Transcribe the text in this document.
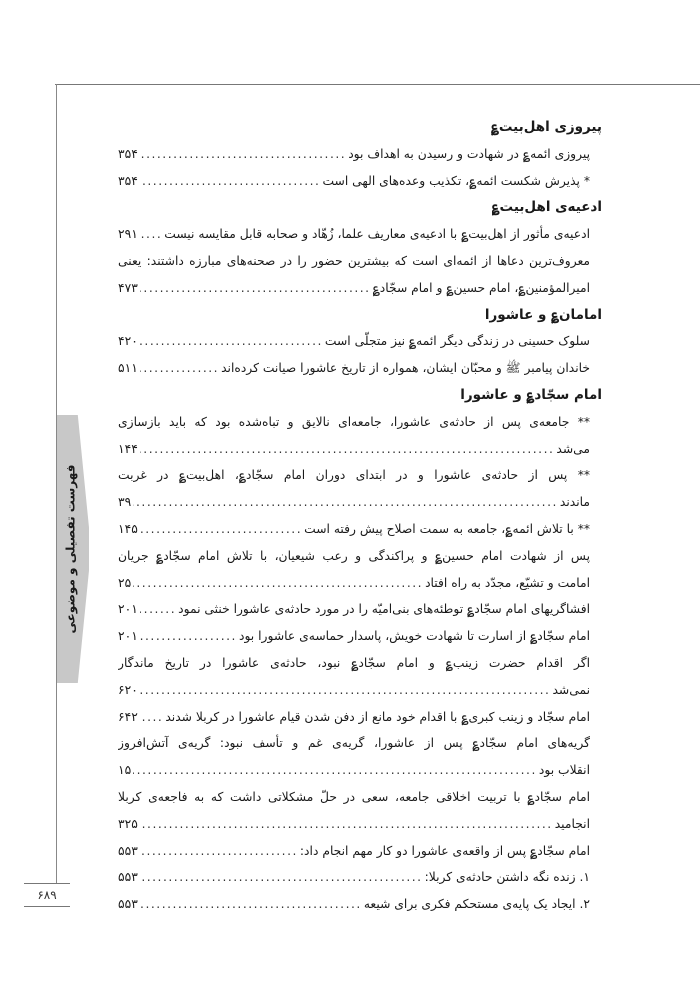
فهرست تفصیلی و موضوعی
۶۸۹
پیروزی اهل‌بیت؏
پیروزی ائمه؏ در شهادت و رسیدن به اهداف بود
.....
۳۵۴
* پذیرش شکست ائمه؏، تکذیب وعده‌های الهی است
.....
۳۵۴
ادعیه‌ی اهل‌بیت؏
ادعیه‌ی مأثور از اهل‌بیت؏ با ادعیه‌ی معاریف علما، زُهّاد و صحابه قابل مقایسه نیست
.....
۲۹۱
معروف‌ترین دعاها از ائمه‌ای است که بیشترین حضور را در صحنه‌های مبارزه داشتند: یعنی
امیرالمؤمنین؏، امام حسین؏ و امام سجّاد؏
.....
۴۷۳
امامان؏ و عاشورا
سلوک حسینی در زندگی دیگر ائمه؏ نیز متجلّی است
.....
۴۲۰
خاندان پیامبر ﷺ و محبّان ایشان، همواره از تاریخ عاشورا صیانت کرده‌اند
.....
۵۱۱
امام سجّاد؏ و عاشورا
** جامعه‌ی پس از حادثه‌ی عاشورا، جامعه‌ای نالایق و تباه‌شده بود که باید بازسازی
می‌شد
.....
۱۴۴
** پس از حادثه‌ی عاشورا و در ابتدای دوران امام سجّاد؏، اهل‌بیت؏ در غربت
ماندند
.....
۳۹
** با تلاش ائمه؏، جامعه به سمت اصلاح پیش رفته است
.....
۱۴۵
پس از شهادت امام حسین؏ و پراکندگی و رعب شیعیان، با تلاش امام سجّاد؏ جریان
امامت و تشیّع، مجدّد به راه افتاد
.....
۲۵
افشاگریهای امام سجّاد؏ توطئه‌های بنی‌امیّه را در مورد حادثه‌ی عاشورا خنثی نمود
.....
۲۰۱
امام سجّاد؏ از اسارت تا شهادت خویش، پاسدار حماسه‌ی عاشورا بود
.....
۲۰۱
اگر اقدام حضرت زینب؏ و امام سجّاد؏ نبود، حادثه‌ی عاشورا در تاریخ ماندگار
نمی‌شد
.....
۶۲۰
امام سجّاد و زینب کبری؏ با اقدام خود مانع از دفن شدن قیام عاشورا در کربلا شدند
.....
۶۴۲
گریه‌های امام سجّاد؏ پس از عاشورا، گریه‌ی غم و تأسف نبود: گریه‌ی آتش‌افروز
انقلاب بود
.....
۱۵
امام سجّاد؏ با تربیت اخلاقی جامعه، سعی در حلّ مشکلاتی داشت که به فاجعه‌ی کربلا
انجامید
.....
۳۲۵
امام سجّاد؏ پس از واقعه‌ی عاشورا دو کار مهم انجام داد:
.....
۵۵۳
۱. زنده نگه داشتن حادثه‌ی کربلا:
.....
۵۵۳
۲. ایجاد یک پایه‌ی مستحکم فکری برای شیعه
.....
۵۵۳
